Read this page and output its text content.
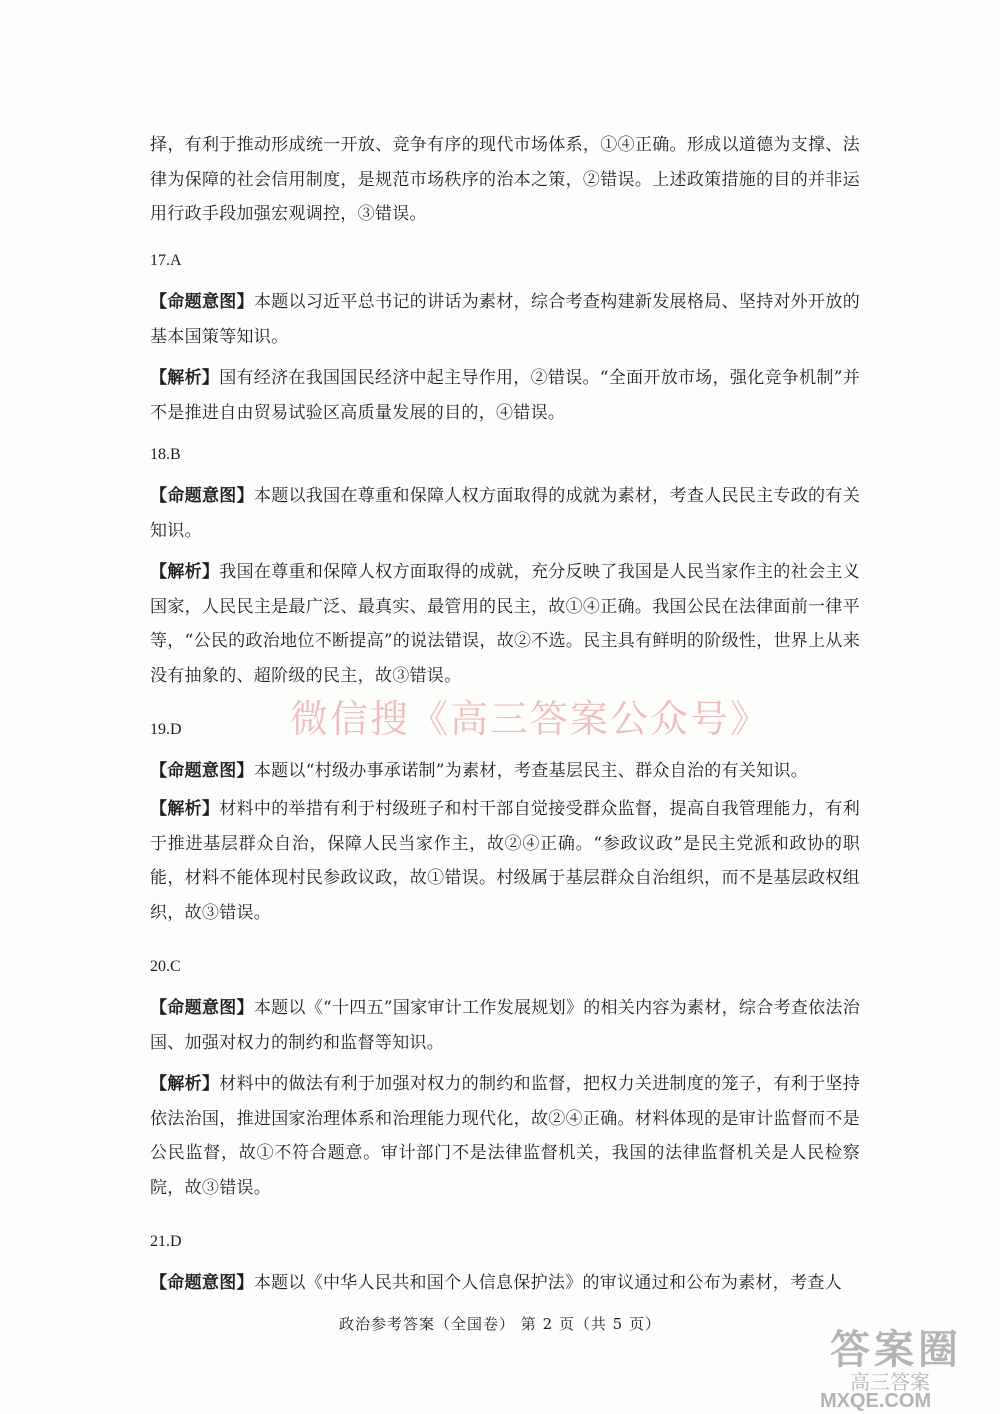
择，有利于推动形成统一开放、竞争有序的现代市场体系，①④正确。形成以道德为支撑、法律为保障的社会信用制度，是规范市场秩序的治本之策，②错误。上述政策措施的目的并非运用行政手段加强宏观调控，③错误。

17.A

【命题意图】本题以习近平总书记的讲话为素材，综合考查构建新发展格局、坚持对外开放的基本国策等知识。

【解析】国有经济在我国国民经济中起主导作用，②错误。“全面开放市场，强化竞争机制”并不是推进自由贸易试验区高质量发展的目的，④错误。

18.B

【命题意图】本题以我国在尊重和保障人权方面取得的成就为素材，考查人民民主专政的有关知识。

【解析】我国在尊重和保障人权方面取得的成就，充分反映了我国是人民当家作主的社会主义国家，人民民主是最广泛、最真实、最管用的民主，故①④正确。我国公民在法律面前一律平等，“公民的政治地位不断提高”的说法错误，故②不选。民主具有鲜明的阶级性，世界上从来没有抽象的、超阶级的民主，故③错误。

19.D

【命题意图】本题以“村级办事承诺制”为素材，考查基层民主、群众自治的有关知识。

【解析】材料中的举措有利于村级班子和村干部自觉接受群众监督，提高自我管理能力，有利于推进基层群众自治，保障人民当家作主，故②④正确。“参政议政”是民主党派和政协的职能，材料不能体现村民参政议政，故①错误。村级属于基层群众自治组织，而不是基层政权组织，故③错误。

20.C

【命题意图】本题以《“十四五”国家审计工作发展规划》的相关内容为素材，综合考查依法治国、加强对权力的制约和监督等知识。

【解析】材料中的做法有利于加强对权力的制约和监督，把权力关进制度的笼子，有利于坚持依法治国，推进国家治理体系和治理能力现代化，故②④正确。材料体现的是审计监督而不是公民监督，故①不符合题意。审计部门不是法律监督机关，我国的法律监督机关是人民检察院，故③错误。

21.D

【命题意图】本题以《中华人民共和国个人信息保护法》的审议通过和公布为素材，考查人

微信搜《高三答案公众号》
政治参考答案（全国卷） 第 2 页（共 5 页）
答案圈
高三答案
MXQE.COM
